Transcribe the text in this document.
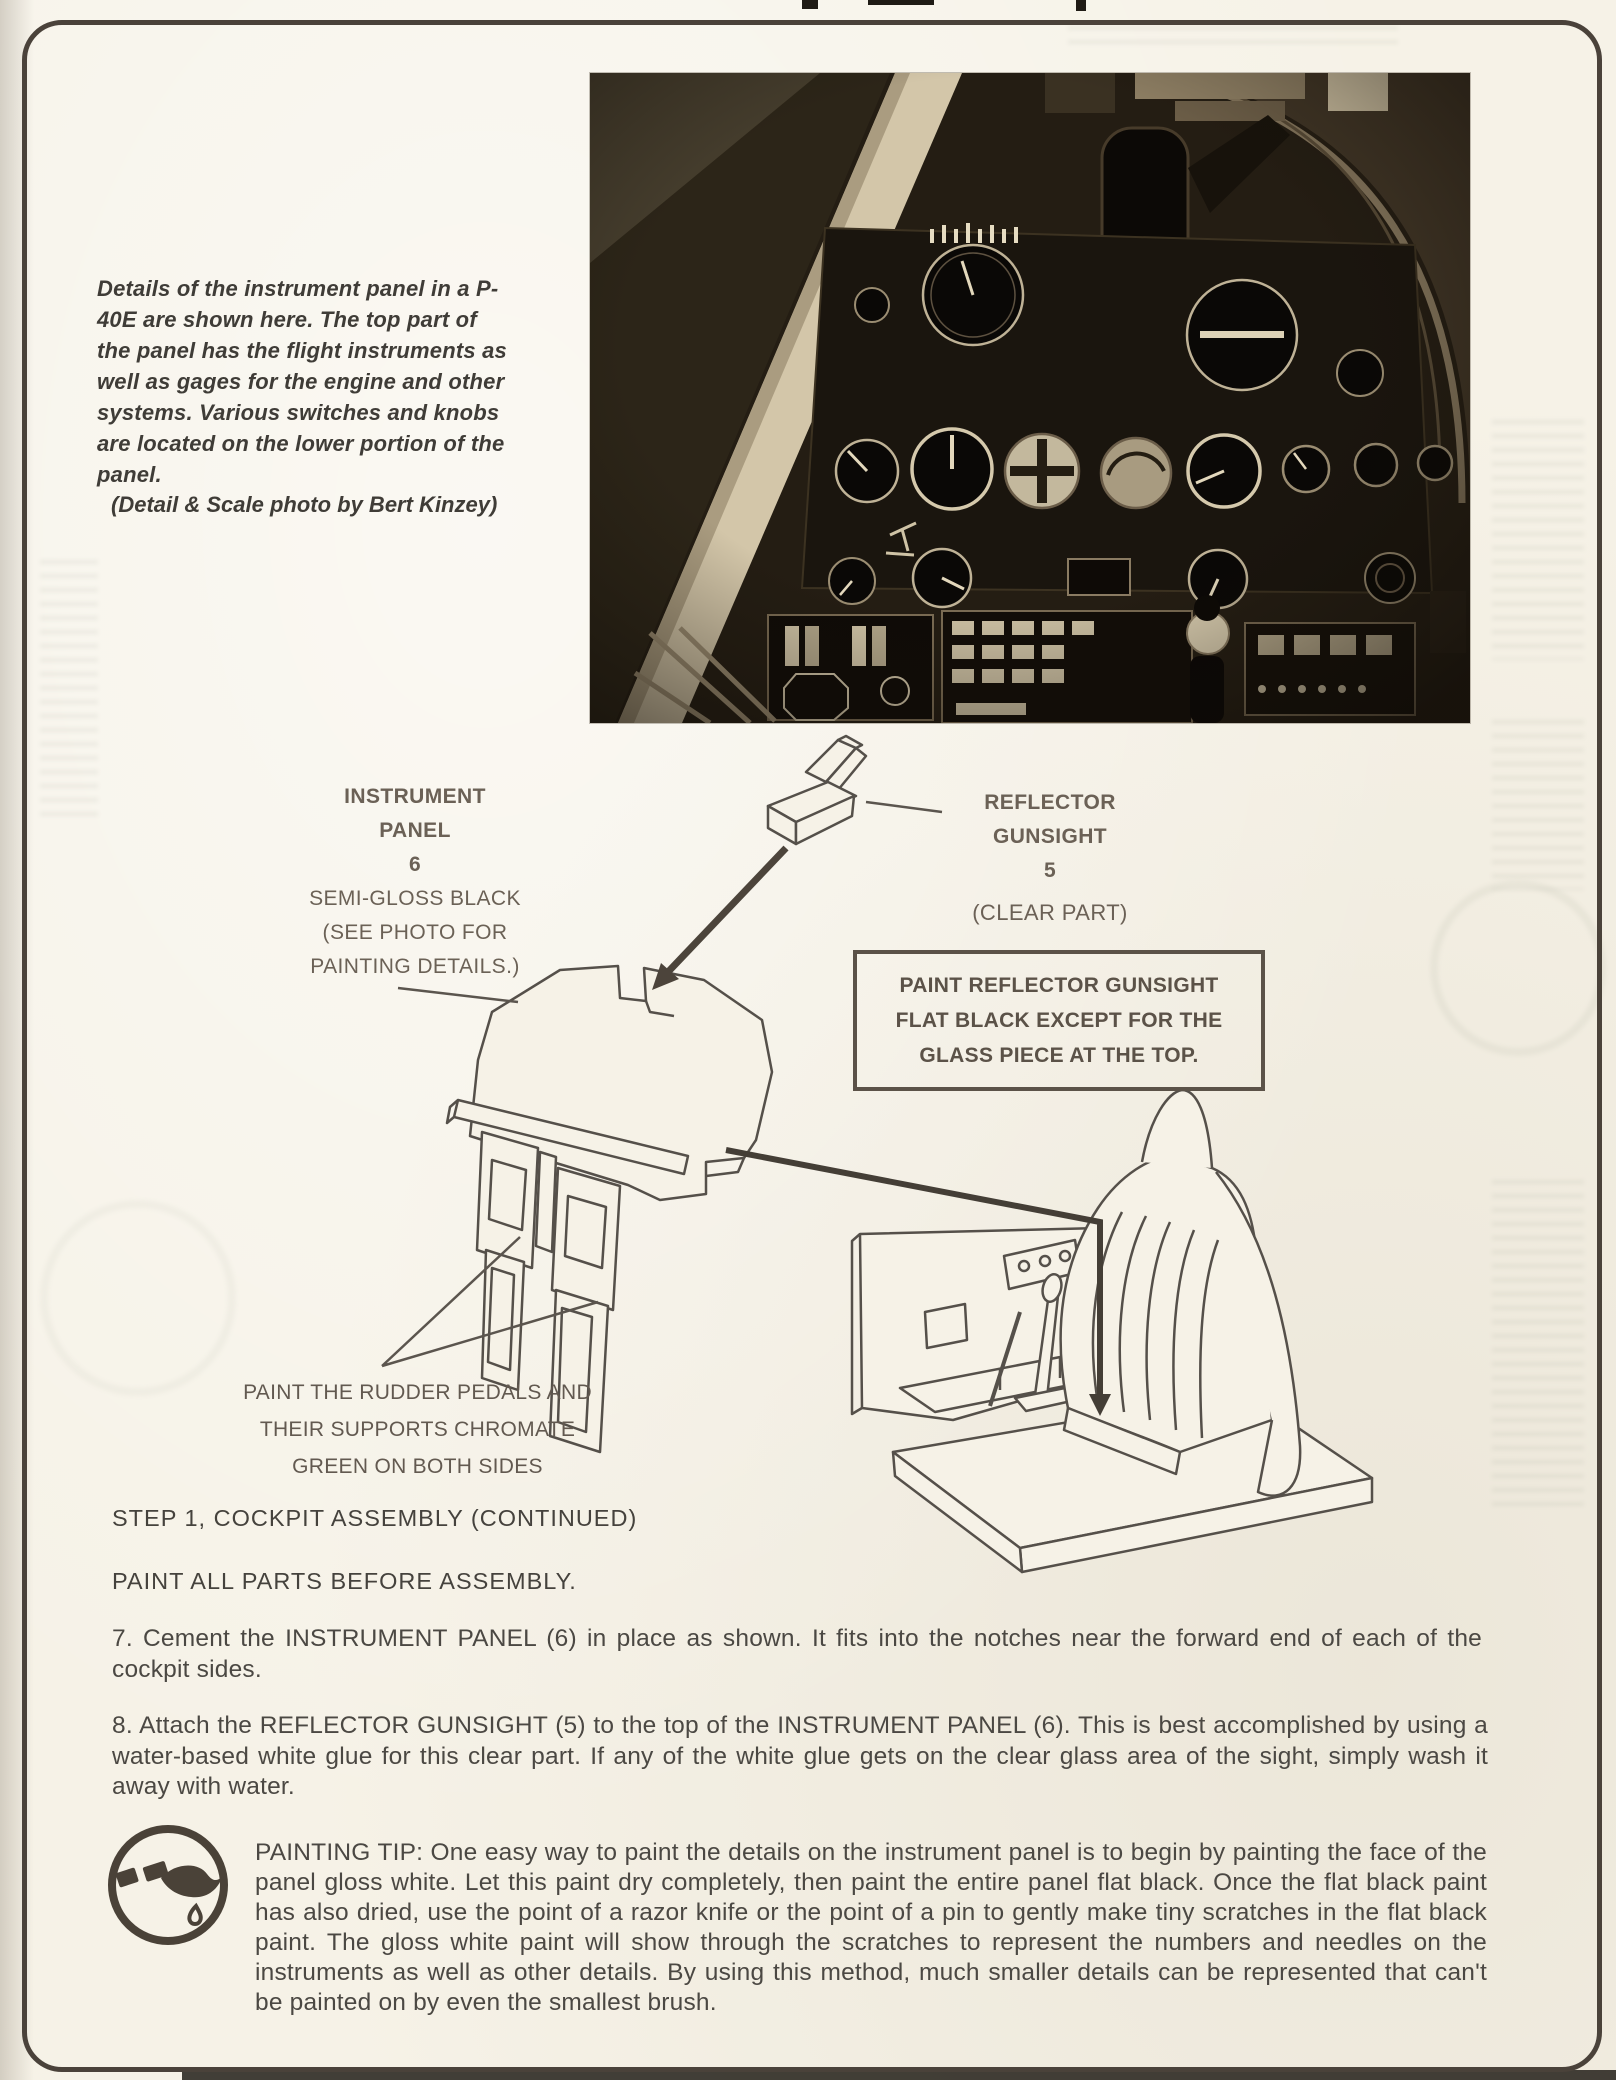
Details of the instrument panel in a P-
40E are shown here. The top part of
the panel has the flight instruments as
well as gages for the engine and other
systems. Various switches and knobs
are located on the lower portion of the
panel.
(Detail & Scale photo by Bert Kinzey)
INSTRUMENT
PANEL
6
SEMI-GLOSS BLACK
(SEE PHOTO FOR
PAINTING DETAILS.)
REFLECTOR
GUNSIGHT
5
(CLEAR PART)
PAINT REFLECTOR GUNSIGHT
FLAT BLACK EXCEPT FOR THE
GLASS PIECE AT THE TOP.
PAINT THE RUDDER PEDALS AND
THEIR SUPPORTS CHROMATE
GREEN ON BOTH SIDES
STEP 1, COCKPIT ASSEMBLY (CONTINUED)
PAINT ALL PARTS BEFORE ASSEMBLY.
7. Cement the INSTRUMENT PANEL (6) in place as shown. It fits into the notches near the forward end of each of the cockpit sides.
8. Attach the REFLECTOR GUNSIGHT (5) to the top of the INSTRUMENT PANEL (6). This is best accomplished by using a water-based white glue for this clear part. If any of the white glue gets on the clear glass area of the sight, simply wash it away with water.
PAINTING TIP: One easy way to paint the details on the instrument panel is to begin by painting the face of the panel gloss white. Let this paint dry completely, then paint the entire panel flat black. Once the flat black paint has also dried, use the point of a razor knife or the point of a pin to gently make tiny scratches in the flat black paint. The gloss white paint will show through the scratches to represent the numbers and needles on the instruments as well as other details. By using this method, much smaller details can be represented that can't be painted on by even the smallest brush.
